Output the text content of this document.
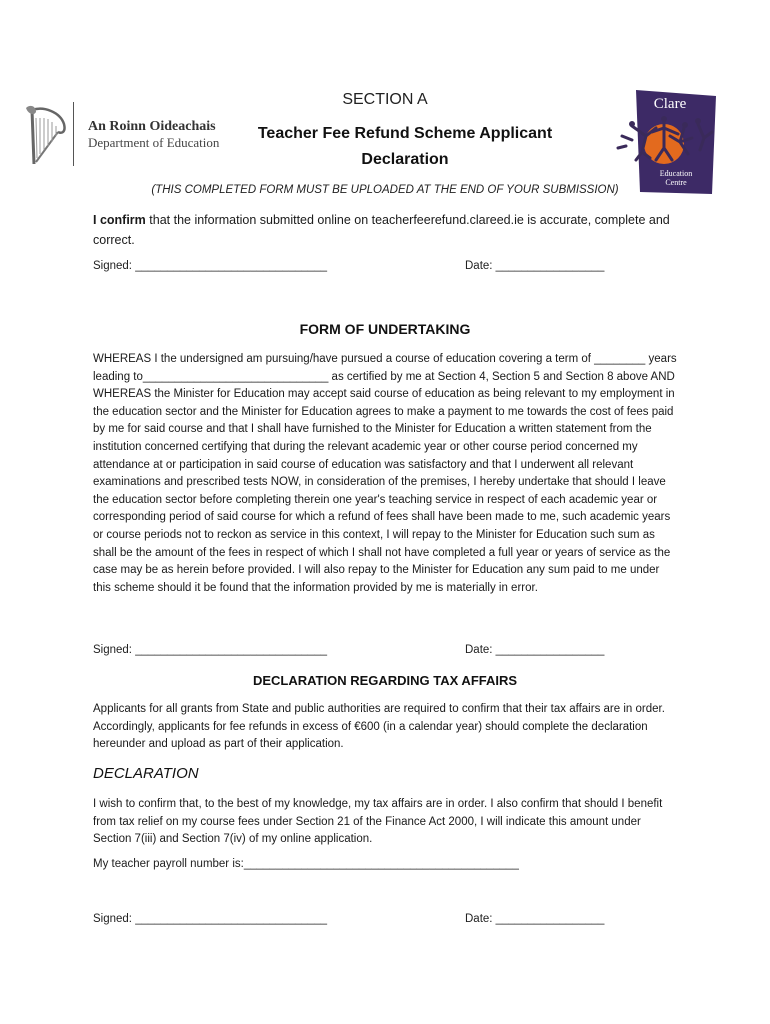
An Roinn Oideachais
Department of Education
Clare
Education
Centre
SECTION A
Teacher Fee Refund Scheme Applicant
Declaration
(THIS COMPLETED FORM MUST BE UPLOADED AT THE END OF YOUR SUBMISSION)
I confirm that the information submitted online on teacherfeerefund.clareed.ie is accurate, complete and correct.
Signed: ______________________________	Date: _________________
FORM OF UNDERTAKING
WHEREAS I the undersigned am pursuing/have pursued a course of education covering a term of ________ years leading to_____________________________ as certified by me at Section 4, Section 5 and Section 8 above AND WHEREAS the Minister for Education may accept said course of education as being relevant to my employment in the education sector and the Minister for Education agrees to make a payment to me towards the cost of fees paid by me for said course and that I shall have furnished to the Minister for Education a written statement from the institution concerned certifying that during the relevant academic year or other course period concerned my attendance at or participation in said course of education was satisfactory and that I underwent all relevant examinations and prescribed tests NOW, in consideration of the premises, I hereby undertake that should I leave the education sector before completing therein one year's teaching service in respect of each academic year or corresponding period of said course for which a refund of fees shall have been made to me, such academic years or course periods not to reckon as service in this context, I will repay to the Minister for Education such sum as shall be the amount of the fees in respect of which I shall not have completed a full year or years of service as the case may be as herein before provided. I will also repay to the Minister for Education any sum paid to me under this scheme should it be found that the information provided by me is materially in error.
Signed: ______________________________	Date: _________________
DECLARATION REGARDING TAX AFFAIRS
Applicants for all grants from State and public authorities are required to confirm that their tax affairs are in order. Accordingly, applicants for fee refunds in excess of €600 (in a calendar year) should complete the declaration hereunder and upload as part of their application.
DECLARATION
I wish to confirm that, to the best of my knowledge, my tax affairs are in order. I also confirm that should I benefit from tax relief on my course fees under Section 21 of the Finance Act 2000, I will indicate this amount under Section 7(iii) and Section 7(iv) of my online application.
My teacher payroll number is:___________________________________________
Signed: ______________________________	Date: _________________
